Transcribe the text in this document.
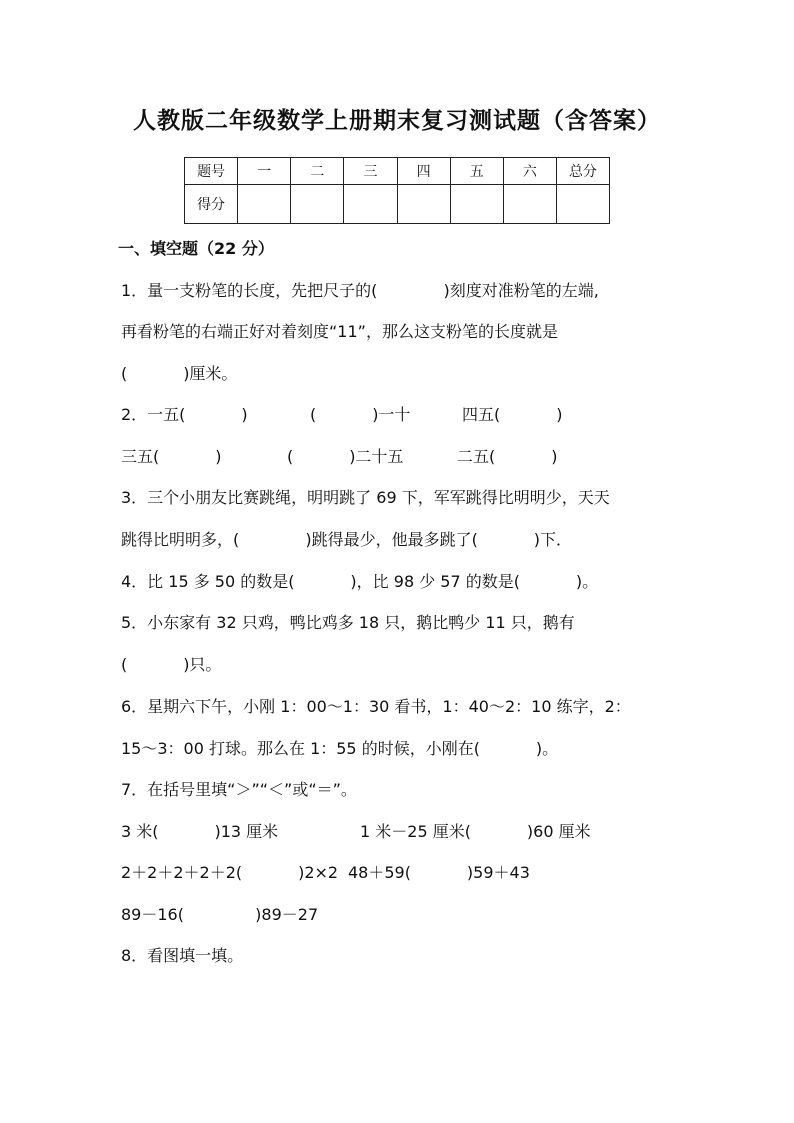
人教版二年级数学上册期末复习测试题（含答案）
题号	一	二	三	四	五	六	总分
得分							
一、填空题（22 分）
1．量一支粉笔的长度，先把尺子的(             )刻度对准粉笔的左端,
再看粉笔的右端正好对着刻度“11”，那么这支粉笔的长度就是
(           )厘米。
2．一五(           )	(           )一十	四五(           )
三五(           )	(           )二十五	二五(           )
3．三个小朋友比赛跳绳，明明跳了 69 下，军军跳得比明明少，天天
跳得比明明多，(             )跳得最少，他最多跳了(           )下．
4．比 15 多 50 的数是(           )，比 98 少 57 的数是(           )。
5．小东家有 32 只鸡，鸭比鸡多 18 只，鹅比鸭少 11 只，鹅有
(           )只。
6．星期六下午，小刚 1：00～1：30 看书，1：40～2：10 练字，2：
15～3：00 打球。那么在 1：55 的时候，小刚在(           )。
7．在括号里填“＞”“＜”或“＝”。
3 米(           )13 厘米	1 米－25 厘米(           )60 厘米
2＋2＋2＋2＋2(           )2×2 48＋59(           )59＋43
89－16(              )89－27
8．看图填一填。
